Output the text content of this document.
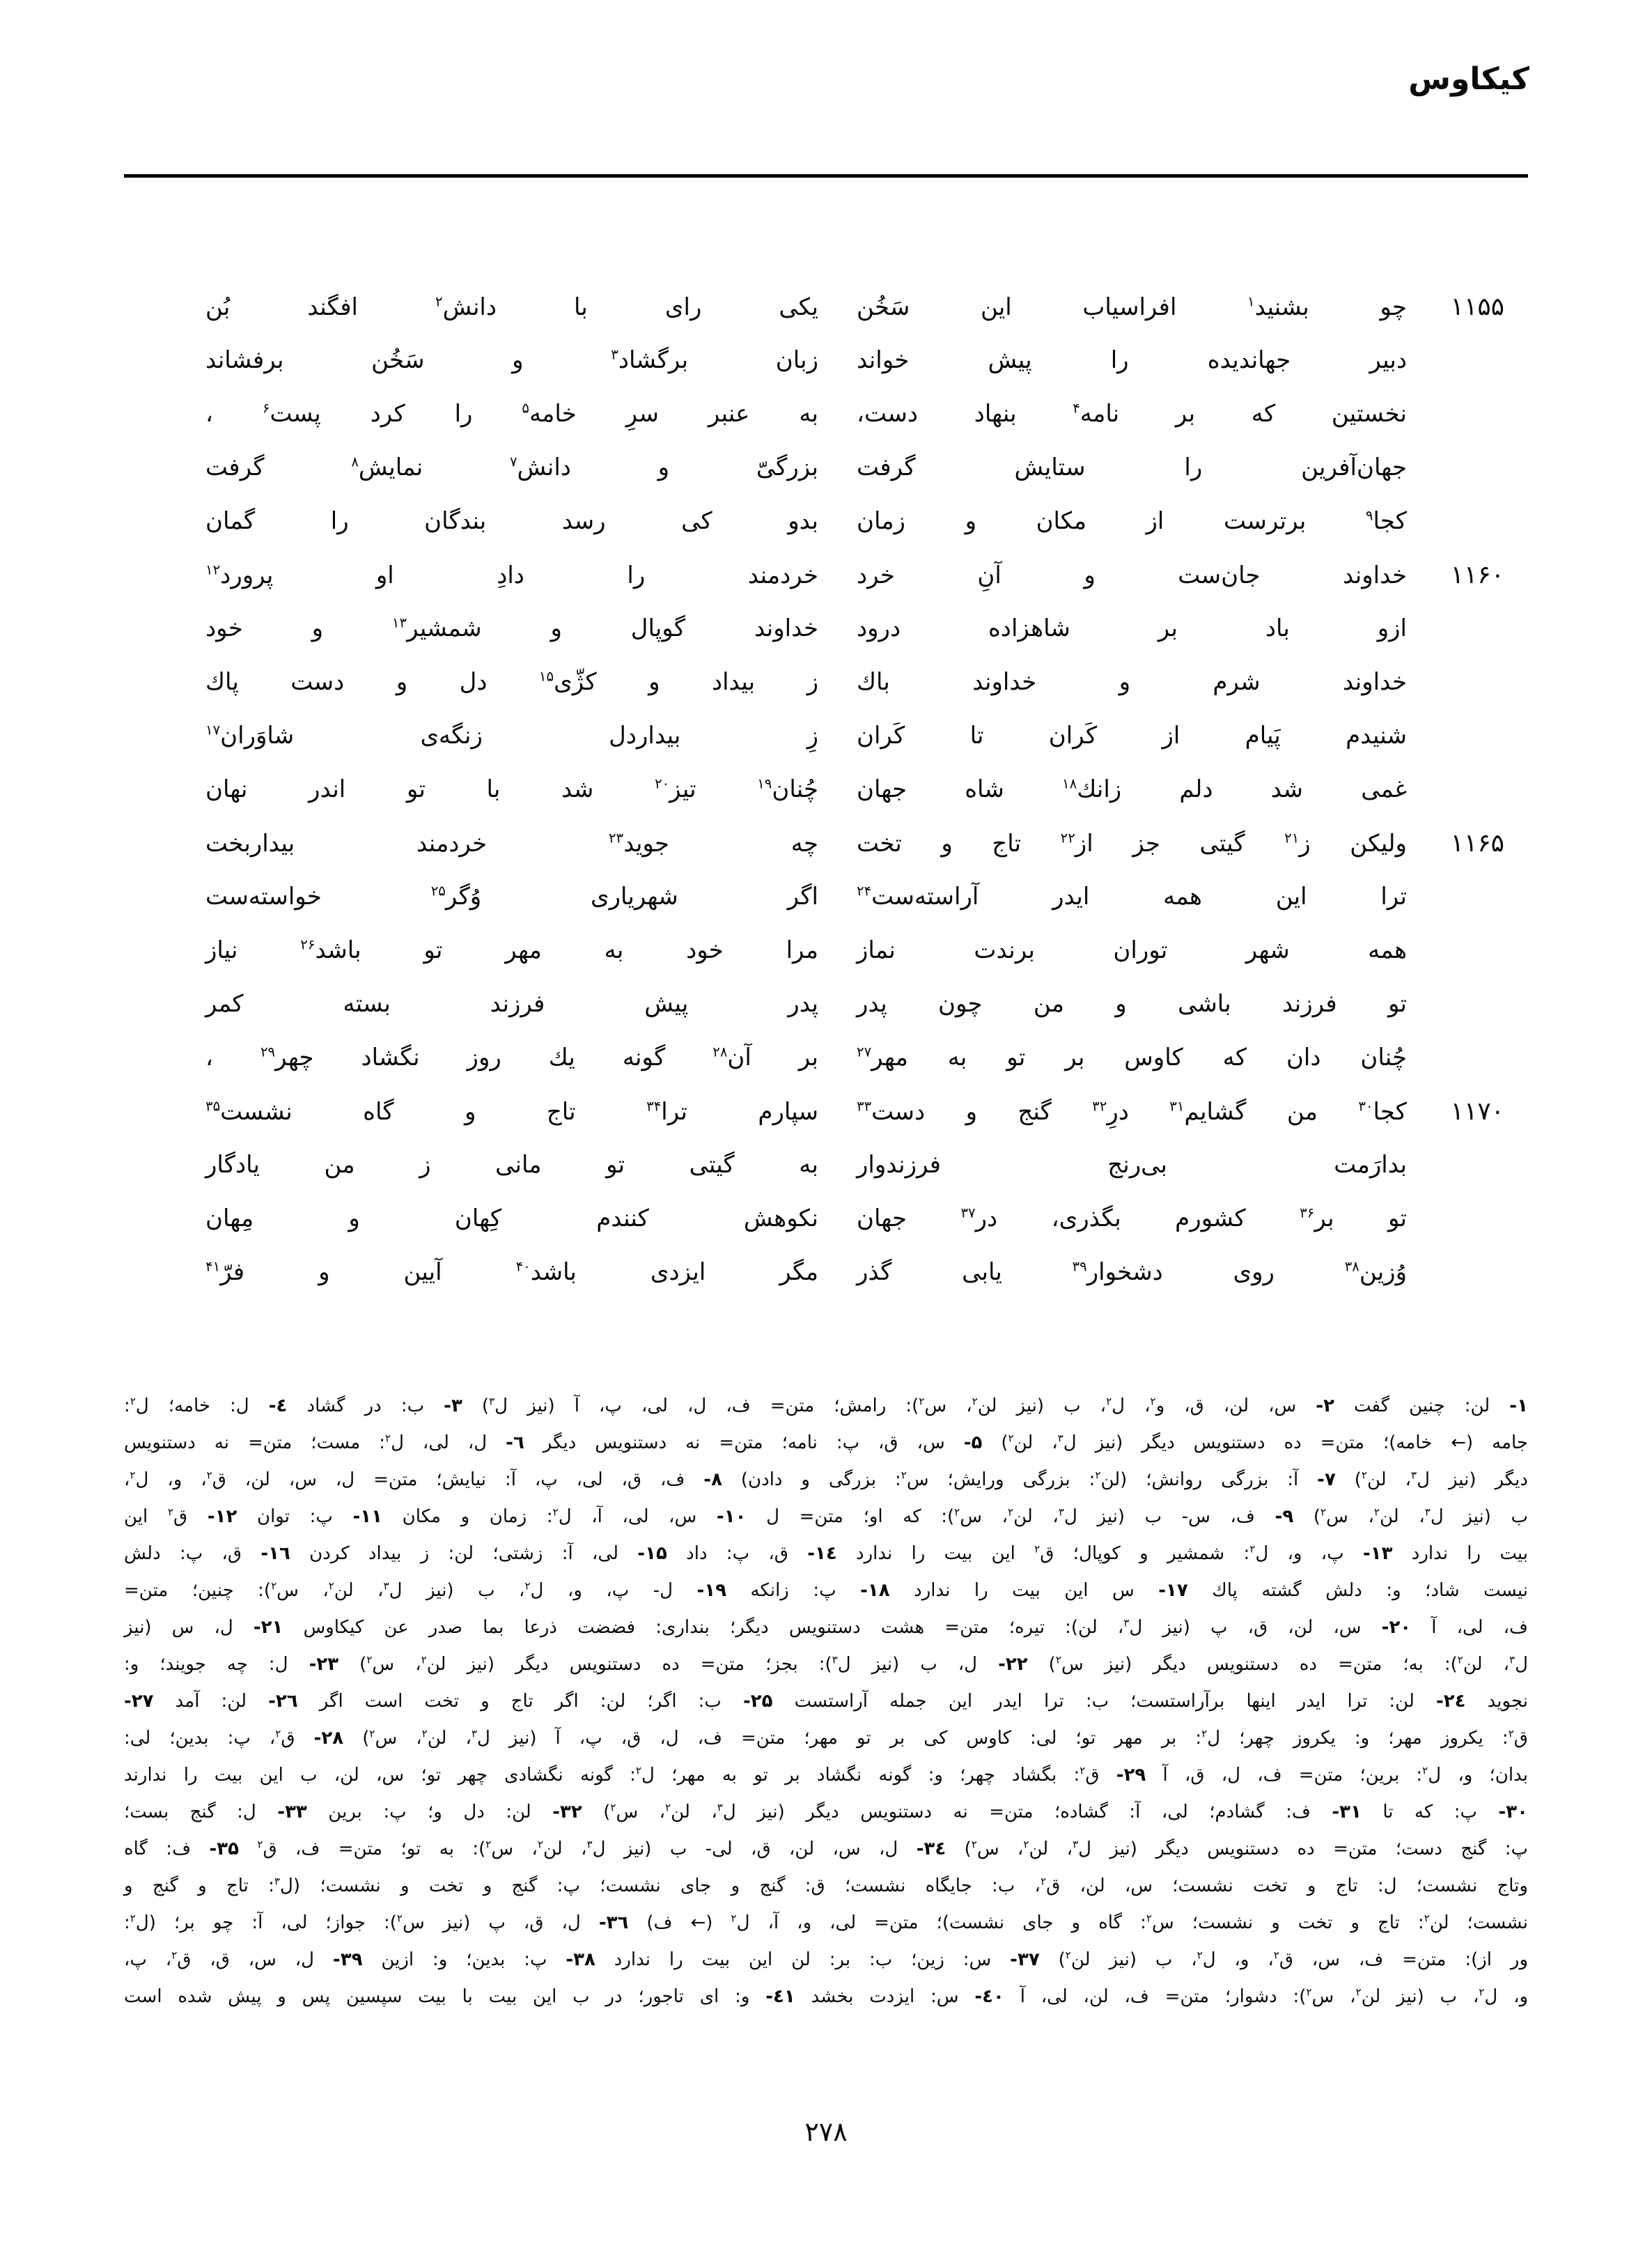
کیکاوس
۱۱۵۵
چو بشنید$^۱$ افراسیاب این سَخُن
یکی رای با دانش$^۲$ افگند بُن
دبیر جهاندیده را پیش خواند
زبان برگشاد$^۳$ و سَخُن برفشاند
نخستین که بر نامه$^۴$ بنهاد دست،
به عنبر سرِ خامه$^۵$ را کرد پست$^۶$ ،
جهان‌آفرین را ستایش گرفت
بزرگیّ و دانش$^۷$ نمایش$^۸$ گرفت
کجا$^۹$ برترست از مکان و زمان
بدو کی رسد بندگان را گمان
۱۱۶۰
خداوند جان‌ست و آنِ خرد
خردمند را دادِ او پرورد$^{۱۲}$
ازو باد بر شاهزاده درود
خداوند گوپال و شمشیر$^{۱۳}$ و خود
خداوند شرم و خداوند باك
ز بیداد و کژّی$^{۱۵}$ دل و دست پاك
شنیدم پَیام از کَران تا کَران
زِ بیداردل زنگه‌ی شاوَران$^{۱۷}$
غمی شد دلم زانك$^{۱۸}$ شاه جهان
چُنان$^{۱۹}$ تیز$^{۲۰}$ شد با تو اندر نهان
۱۱۶۵
ولیکن ز$^{۲۱}$ گیتی جز از$^{۲۲}$ تاج و تخت
چه جوید$^{۲۳}$ خردمند بیداربخت
ترا این همه ایدر آراسته‌ست$^{۲۴}$
اگر شهریاری وُگر$^{۲۵}$ خواسته‌ست
همه شهر توران برندت نماز
مرا خود به مهر تو باشد$^{۲۶}$ نیاز
تو فرزند باشی و من چون پدر
پدر پیش فرزند بسته کمر
چُنان دان که کاوس بر تو به مهر$^{۲۷}$
بر آن$^{۲۸}$ گونه یك روز نگشاد چهر$^{۲۹}$ ،
۱۱۷۰
کجا$^{۳۰}$ من گشایم$^{۳۱}$ درِ$^{۳۲}$ گنج و دست$^{۳۳}$
سپارم ترا$^{۳۴}$ تاج و گاه نشست$^{۳۵}$
بدارَمت بی‌رنج فرزندوار
به گیتی تو مانی ز من یادگار
تو بر$^{۳۶}$ کشورم بگذری، در$^{۳۷}$ جهان
نکوهش کنندم کِهان و مِهان
وُزین$^{۳۸}$ روی دشخوار$^{۳۹}$ یابی گذر
مگر ایزدی باشد$^{۴۰}$ آیین و فرّ$^{۴۱}$
۱- لن: چنین گفت ۲- س، لن، ق، و$^۲$، ل$^۲$، ب (نیز لن$^۲$، س$^۲$): رامش؛ متن= ف، ل، لی، پ، آ (نیز ل$^۳$) ۳- ب: در گشاد ٤- ل: خامه؛ ل$^۲$:
جامه (← خامه)؛ متن= ده دستنویس دیگر (نیز ل$^۳$، لن$^۲$) ۵- س، ق، پ: نامه؛ متن= نه دستنویس دیگر ٦- ل، لی، ل$^۲$: مست؛ متن= نه دستنویس
دیگر (نیز ل$^۳$، لن$^۲$) ۷- آ: بزرگی روانش؛ (لن$^۲$: بزرگی ورایش؛ س$^۲$: بزرگی و دادن) ۸- ف، ق، لی، پ، آ: نیایش؛ متن= ل، س، لن، ق$^۲$، و، ل$^۲$،
ب (نیز ل$^۳$، لن$^۲$، س$^۲$) ۹- ف، س- ب (نیز ل$^۳$، لن$^۲$، س$^۲$): که او؛ متن= ل ۱۰- س، لی، آ، ل$^۲$: زمان و مکان ۱۱- پ: توان ۱۲- ق$^۲$ این
بیت را ندارد ۱۳- پ، و، ل$^۲$: شمشیر و کوپال؛ ق$^۲$ این بیت را ندارد ۱٤- ق، پ: داد ۱۵- لی، آ: زشتی؛ لن: ز بیداد کردن ۱٦- ق، پ: دلش
نیست شاد؛ و: دلش گشته پاك ۱۷- س این بیت را ندارد ۱۸- پ: زانکه ۱۹- ل- پ، و، ل$^۲$، ب (نیز ل$^۳$، لن$^۲$، س$^۲$): چنین؛ متن=
ف، لی، آ ۲۰- س، لن، ق، پ (نیز ل$^۳$، لن): تیره؛ متن= هشت دستنویس دیگر؛ بنداری: فضضت ذرعا بما صدر عن کیکاوس ۲۱- ل، س (نیز
ل$^۳$، لن$^۲$): به؛ متن= ده دستنویس دیگر (نیز س$^۲$) ۲۲- ل، ب (نیز ل$^۳$): بجز؛ متن= ده دستنویس دیگر (نیز لن$^۲$، س$^۲$) ۲۳- ل: چه جویند؛ و:
نجوید ۲٤- لن: ترا ایدر اینها برآراستست؛ ب: ترا ایدر این جمله آراستست ۲۵- ب: اگر؛ لن: اگر تاج و تخت است اگر ۲٦- لن: آمد ۲۷-
ق$^۲$: یکروز مهر؛ و: یکروز چهر؛ ل$^۲$: بر مهر تو؛ لی: کاوس کی بر تو مهر؛ متن= ف، ل، ق، پ، آ (نیز ل$^۳$، لن$^۲$، س$^۲$) ۲۸- ق$^۲$، پ: بدین؛ لی:
بدان؛ و، ل$^۲$: برین؛ متن= ف، ل، ق، آ ۲۹- ق$^۲$: بگشاد چهر؛ و: گونه نگشاد بر تو به مهر؛ ل$^۲$: گونه نگشادی چهر تو؛ س، لن، ب این بیت را ندارند
۳۰- پ: که تا ۳۱- ف: گشادم؛ لی، آ: گشاده؛ متن= نه دستنویس دیگر (نیز ل$^۳$، لن$^۲$، س$^۲$) ۳۲- لن: دل و؛ پ: برین ۳۳- ل: گنج بست؛
پ: گنج دست؛ متن= ده دستنویس دیگر (نیز ل$^۳$، لن$^۲$، س$^۲$) ۳٤- ل، س، لن، ق، لی- ب (نیز ل$^۳$، لن$^۲$، س$^۲$): به تو؛ متن= ف، ق$^۲$ ۳۵- ف: گاه
وتاج نشست؛ ل: تاج و تخت نشست؛ س، لن، ق$^۲$، ب: جایگاه نشست؛ ق: گنج و جای نشست؛ پ: گنج و تخت و نشست؛ (ل$^۳$: تاج و گنج و
نشست؛ لن$^۲$: تاج و تخت و نشست؛ س$^۲$: گاه و جای نشست)؛ متن= لی، و، آ، ل$^۲$ (← ف) ۳٦- ل، ق، پ (نیز س$^۲$): جواز؛ لی، آ: چو بر؛ (ل$^۲$:
ور از): متن= ف، س، ق$^۲$، و، ل$^۲$، ب (نیز لن$^۲$) ۳۷- س: زین؛ ب: بر: لن این بیت را ندارد ۳۸- پ: بدین؛ و: ازین ۳۹- ل، س، ق، ق$^۲$، پ،
و، ل$^۲$، ب (نیز لن$^۲$، س$^۲$): دشوار؛ متن= ف، لن، لی، آ ٤۰- س: ایزدت بخشد ٤۱- و: ای تاجور؛ در ب این بیت با بیت سپسین پس و پیش شده است
۲۷۸
